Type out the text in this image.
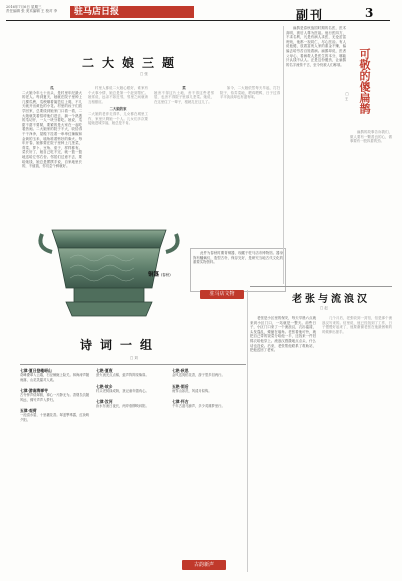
2016年7月6日 星期三
责任编辑 张 美术编辑 王 校对 李	驻马店日报	副刊	3
二大娘三题
□ 张
瓜
二大娘今年七十出头，是村里年纪最大的老人。每到夏天，她就在院子里种上几棵瓜秧，瓜秧顺着篱笆往上爬，不几天就开出黄色的小花。村里的孩子们放学回家，总要绕到她家门口看一看，二大娘就笑着招呼他们进去，摘一个熟透的瓜切开，一人一块分着吃。她说，瓜甜不甜不要紧，要紧的是大家在一起吃着热闹。二大娘家的院子不大，收拾得干干净净，屋檐下挂着一串串红辣椒和金黄的玉米，墙角堆着劈好的柴火。每年开春，她都要在院子里种上几垄菜，青菜、萝卜、豆角、茄子，样样都有。菜长好了，她自己吃不完，就一篮一篮地送给左邻右舍。邻居们过意不去，要给她钱，她总是摆摆手说，自家地里长的，不值钱，你们尝个鲜就好。
村里人都说二大娘心眼好，谁家有个大事小情，她总是第一个赶到帮忙。她常说，远亲不如近邻，邻里之间就该互相照应。
二大娘的家
二大娘的老伴走得早，儿女都在城里工作，家里只剩她一个人。儿女们多次要接她进城享福，她总是不肯。
菜
她舍不得这片土地，舍不得这些老邻居，也舍不得院子里那几垄菜。她说，在这里住了一辈子，根就扎在这儿了。
如今，二大娘依然每天早起，打扫院子，侍弄菜地，喂鸡喂鸭，日子过得平平淡淡却也有滋有味。	可敬的傻扁鹊
□ 王
扁鹊是春秋战国时期的名医，医术高明，被后人尊为医祖。他行医四方，不求名利，凡是有病人求医，无论贫富贵贱，他都一视同仁，尽心医治。有人说他傻，放着富贵人家的重金不赚，偏偏去给穷苦百姓看病。扁鹊却说，医者父母心，看病救人是医生的本分，哪能只认钱不认人。正是这份傻劲，让扁鹊的名字流传千古，至今仍被人们称颂。
扁鹊的故事告诉我们，做人要有一颗善良的心，做事要有一股执着的劲。
铜簋 (春秋)
此件为春秋时期青铜器，现藏于驻马店市博物馆。器身饰有蟠螭纹，造型古朴，保存完好，是研究当地古代文化的重要实物资料。
驻马店文物	老张与流浪汉
□ 赵
老张是小区里的保安，每天早晨六点就来到小区门口，一站就是一整天。前些日子，小区门口来了一个流浪汉，衣衫褴褛，头发蓬乱，蜷缩在墙角。老张看他可怜，就把自己带的饭菜分给他一半，还找来一件旧棉衣给他穿上。流浪汉感激地点点头，什么话也没说。后来，老张帮他联系了救助站，把他送回了老家。
几个月后，老张收到一封信，信是那个流浪汉写来的。信里说，他已经找到了工作，日子慢慢好起来了，他要谢谢老张在他最困难的时候伸出援手。
诗词一组
□ 刘
七律·夏日登嵖岈山
奇峰叠翠入云端，石径蜿蜒上险关。林海涛声随雨落，山花笑靥对人欢。
七律·游南海禅寺
古寺钟声绕翠微，禅心一片静无为。香烟袅袅随风远，佛号声声入梦归。
五律·观荷
一池清水碧，十里藕花香。翠盖擎珠露，红妆映夕阳。
七绝·夏夜
萤火流光点点稀，蛙声阵阵绕柴扉。
七绝·故乡
村头老树绿成荫，犹记童年嬉戏心。
七律·汝河
汝水东流日夜长，两岸垂柳映斜阳。
七绝·秋思
金风送爽稻花香，游子思乡泪两行。
五绝·雨后
雨霁山如洗，风清月似钩。
七律·怀古
千年古道马蹄声，多少英雄梦里行。
古韵新声
